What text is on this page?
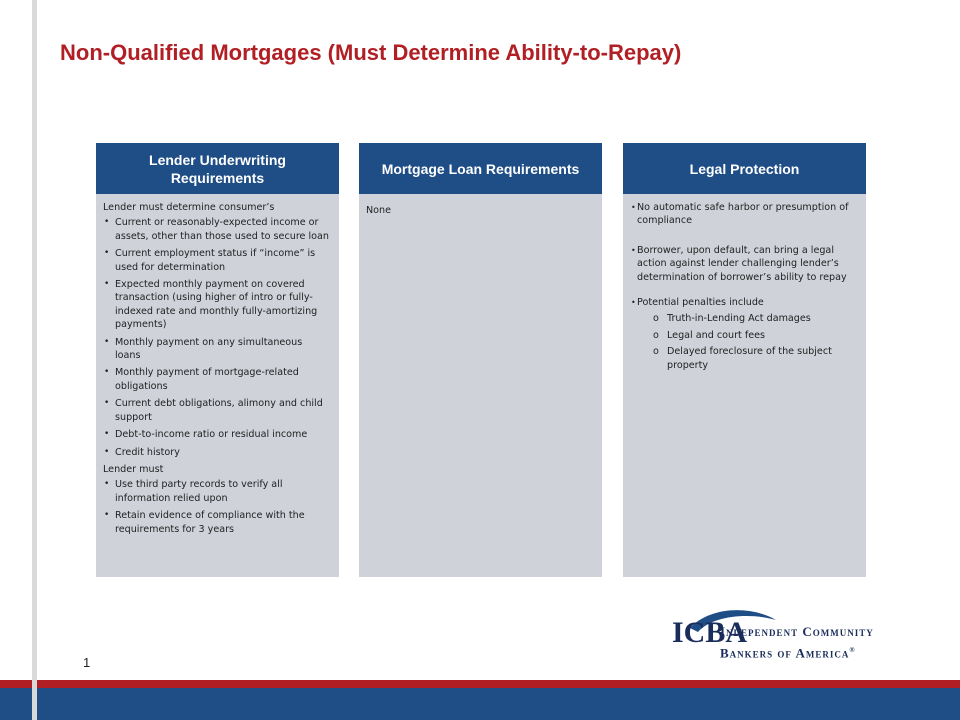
Non-Qualified Mortgages (Must Determine Ability-to-Repay)
Lender Underwriting Requirements
Lender must determine consumer’s
• Current or reasonably-expected income or assets, other than those used to secure loan
• Current employment status if “income” is used for determination
• Expected monthly payment on covered transaction (using higher of intro or fully-indexed rate and monthly fully-amortizing payments)
• Monthly payment on any simultaneous loans
• Monthly payment of mortgage-related obligations
• Current debt obligations, alimony and child support
• Debt-to-income ratio or residual income
• Credit history
Lender must
• Use third party records to verify all information relied upon
• Retain evidence of compliance with the requirements for 3 years
Mortgage Loan Requirements
None
Legal Protection
• No automatic safe harbor or presumption of compliance
• Borrower, upon default, can bring a legal action against lender challenging lender’s determination of borrower’s ability to repay
• Potential penalties include
o Truth-in-Lending Act damages
o Legal and court fees
o Delayed foreclosure of the subject property
1
ICBA
Independent Community
Bankers of America®
